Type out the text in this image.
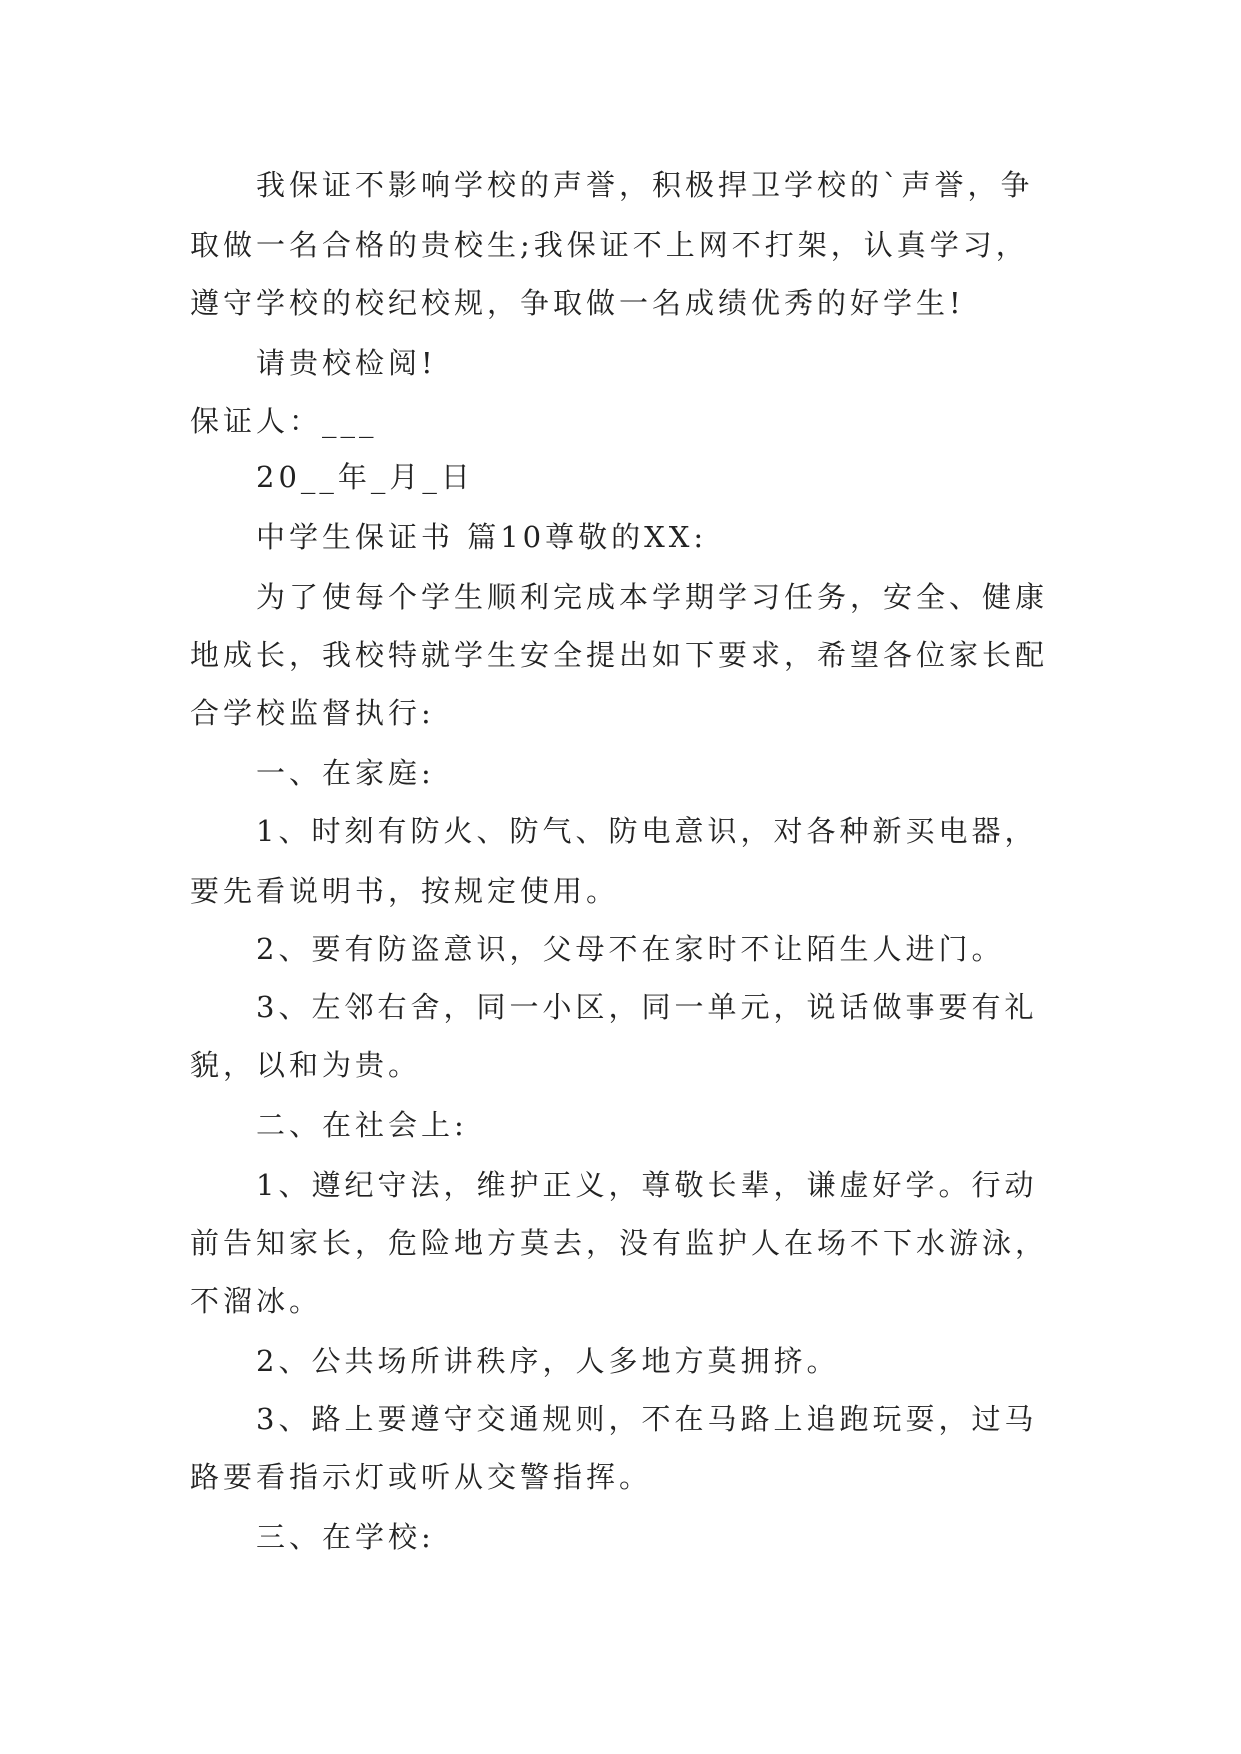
我保证不影响学校的声誉，积极捍卫学校的`声誉，争
取做一名合格的贵校生;我保证不上网不打架，认真学习，
遵守学校的校纪校规，争取做一名成绩优秀的好学生!
请贵校检阅!
保证人：___
20__年_月_日
中学生保证书 篇10尊敬的XX:
为了使每个学生顺利完成本学期学习任务，安全、健康
地成长，我校特就学生安全提出如下要求，希望各位家长配
合学校监督执行:
一、在家庭:
1、时刻有防火、防气、防电意识，对各种新买电器，
要先看说明书，按规定使用。
2、要有防盗意识，父母不在家时不让陌生人进门。
3、左邻右舍，同一小区，同一单元，说话做事要有礼
貌，以和为贵。
二、在社会上:
1、遵纪守法，维护正义，尊敬长辈，谦虚好学。行动
前告知家长，危险地方莫去，没有监护人在场不下水游泳，
不溜冰。
2、公共场所讲秩序，人多地方莫拥挤。
3、路上要遵守交通规则，不在马路上追跑玩耍，过马
路要看指示灯或听从交警指挥。
三、在学校:
